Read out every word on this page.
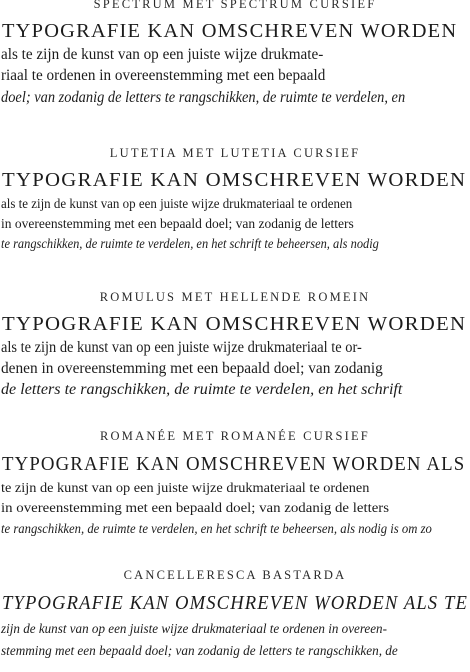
SPECTRUM MET SPECTRUM CURSIEF
TYPOGRAFIE KAN OMSCHREVEN WORDEN
als te zijn de kunst van op een juiste wijze drukmate-
riaal te ordenen in overeenstemming met een bepaald
doel; van zodanig de letters te rangschikken, de ruimte te verdelen, en
LUTETIA MET LUTETIA CURSIEF
TYPOGRAFIE KAN OMSCHREVEN WORDEN
als te zijn de kunst van op een juiste wijze drukmateriaal te ordenen
in overeenstemming met een bepaald doel; van zodanig de letters
te rangschikken, de ruimte te verdelen, en het schrift te beheersen, als nodig
ROMULUS MET HELLENDE ROMEIN
TYPOGRAFIE KAN OMSCHREVEN WORDEN
als te zijn de kunst van op een juiste wijze drukmateriaal te or-
denen in overeenstemming met een bepaald doel; van zodanig
de letters te rangschikken, de ruimte te verdelen, en het schrift
ROMANÉE MET ROMANÉE CURSIEF
TYPOGRAFIE KAN OMSCHREVEN WORDEN ALS
te zijn de kunst van op een juiste wijze drukmateriaal te ordenen
in overeenstemming met een bepaald doel; van zodanig de letters
te rangschikken, de ruimte te verdelen, en het schrift te beheersen, als nodig is om zo
CANCELLERESCA BASTARDA
TYPOGRAFIE KAN OMSCHREVEN WORDEN ALS TE
zijn de kunst van op een juiste wijze drukmateriaal te ordenen in overeen-
stemming met een bepaald doel; van zodanig de letters te rangschikken, de
